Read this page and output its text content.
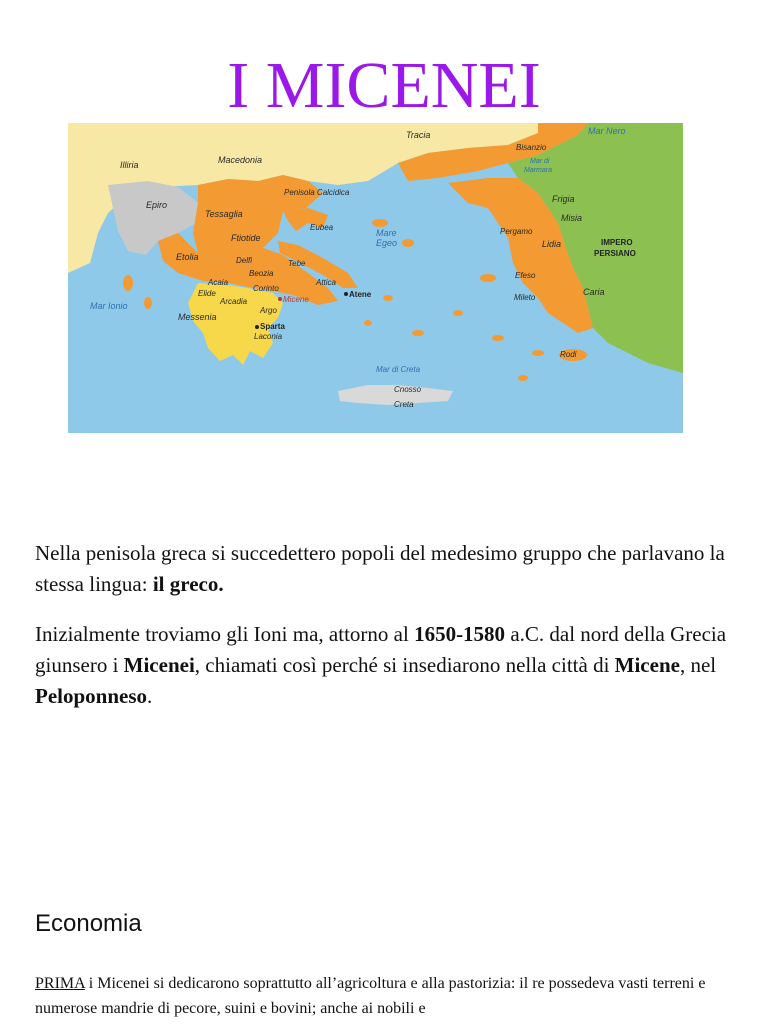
I MICENEI
Tracia	Mar Nero
Bisanzio
Mar di
Marmara
Illiria	Macedonia
Penisola Calcidica
Frigia
Misia
Epiro
Tessaglia
Pergamo
Mare
Egeo	Lidia	IMPERO
PERSIANO
Ftiotide
Eubea
Etolia	Delfi	Tebe
Beozia
Attica
Efeso
Acaia
Corinto
Elide
Arcadia	Micene
Atene	Mileto
Caria
Mar Ionio	Argo
Messenia
Sparta
Laconia
Rodi
Mar di Creta
Cnosso
Creta

Nella penisola greca si succedettero popoli del medesimo gruppo che parlavano la stessa lingua: il greco.

Inizialmente troviamo gli Ioni ma, attorno al 1650-1580 a.C. dal nord della Grecia giunsero i Micenei, chiamati così perché si insediarono nella città di Micene, nel Peloponneso.

Economia

PRIMA i Micenei si dedicarono soprattutto all’agricoltura e alla pastorizia: il re possedeva vasti terreni e numerose mandrie di pecore, suini e bovini; anche ai nobili e
